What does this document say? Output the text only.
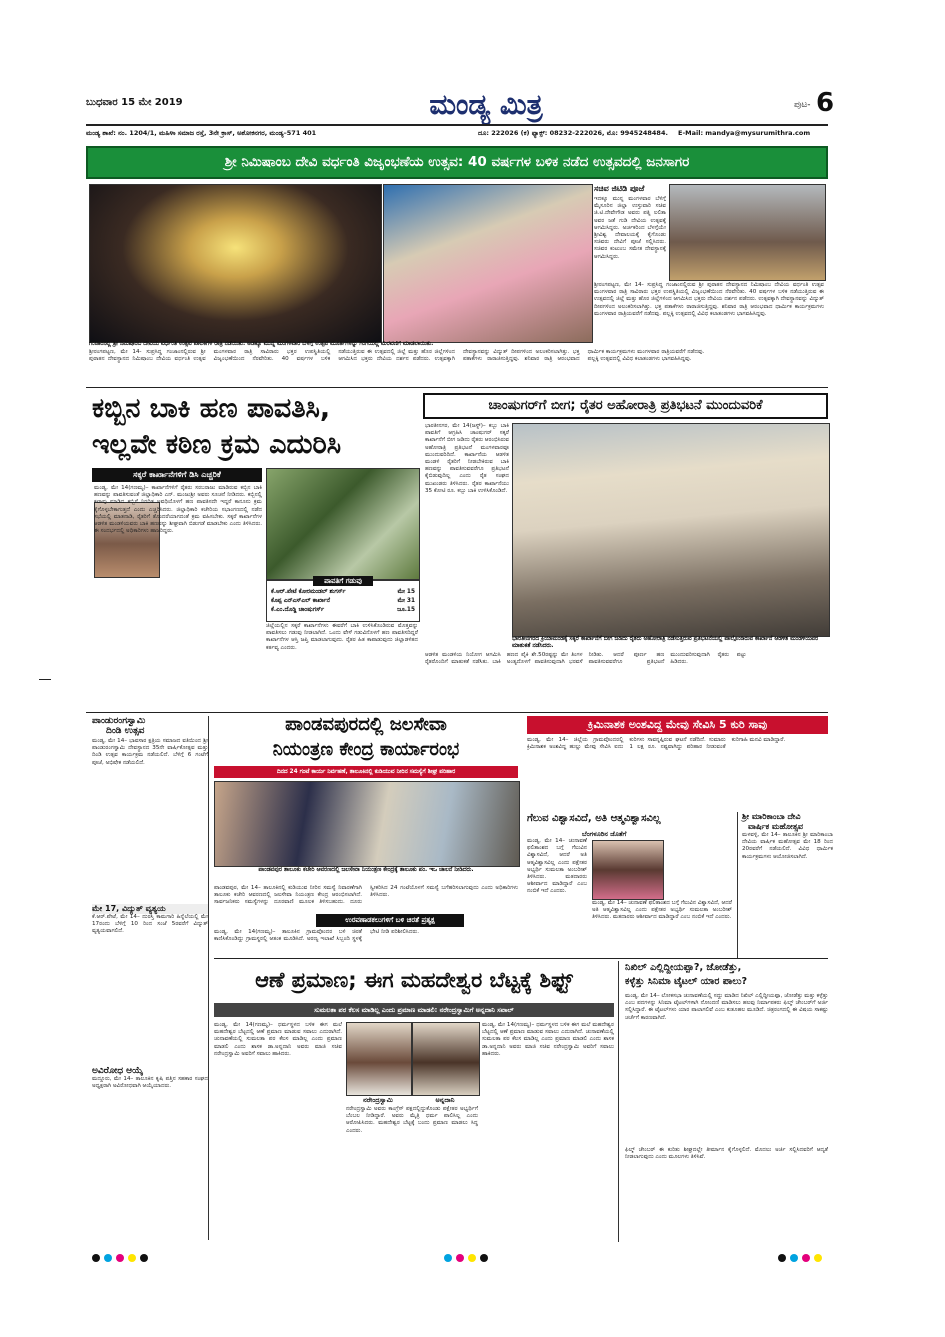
ಬುಧವಾರ 15 ಮೇ 2019	ಮಂಡ್ಯ ಮಿತ್ರ	ಪುಟ- 6
ಮಂಡ್ಯ ಶಾಖೆ: ನಂ. 1204/1, ಮಹಿಳಾ ಸಮಾಜ ರಸ್ತೆ, 3ನೇ ಕ್ರಾಸ್, ಅಶೋಕನಗರ, ಮಂಡ್ಯ–571 401	ದೂ: 222026 (ಕ) ಫ್ಯಾಕ್ಸ್: 08232-222026, ಮೊ: 9945248484. E-Mail: mandya@mysurumithra.com
ಶ್ರೀ ನಿಮಿಷಾಂಬ ದೇವಿ ವರ್ಧಂತಿ ವಿಜೃಂಭಣೆಯ ಉತ್ಸವ: 40 ವರ್ಷಗಳ ಬಳಿಕ ನಡೆದ ಉತ್ಸವದಲ್ಲಿ ಜನಸಾಗರ
ಸಚಿವ ಜಿಟಿಡಿ ಪೂಜೆ
ಇದಕ್ಕೂ ಮುನ್ನ ಮಂಗಳವಾರ ಬೆಳಿಗ್ಗೆ ಮೈಸೂರಿನ ಜಿಲ್ಲಾ ಉಸ್ತುವಾರಿ ಸಚಿವ ಜಿ.ಟಿ.ದೇವೇಗೌಡ ಅವರು ಪತ್ನಿ ಲಲಿತಾ ಅವರ ಜತೆ ಗುಡಿ ದೇವಿಯ ಉತ್ಸವಕ್ಕೆ ಆಗಮಿಸಿದ್ದರು. ಅರ್ಚಕರಿಂದ ಬೆಳಗ್ಗೆಯೇ ಶ್ರೀವಿಶ್ವ ದೇವಾಲಯಕ್ಕೆ ಕೈಗೊಂಡು ಸಚಿವರು ದೇವಿಗೆ ಪೂಜೆ ಸಲ್ಲಿಸಿದರು. ಸಚಿವರ ಕುಟುಂಬ ಸಮೇತ ದೇವಸ್ಥಾನಕ್ಕೆ ಆಗಮಿಸಿದ್ದರು.
ಶ್ರೀರಂಗಪಟ್ಟಣ, ಮೇ 14- ಸುಪ್ರಸಿದ್ಧ ಗಂಜಾಂನಲ್ಲಿರುವ ಶ್ರೀ ಪುರಾತನ ದೇವಸ್ಥಾನದ ನಿಮಿಷಾಂಬ ದೇವಿಯ ವರ್ಧಂತಿ ಉತ್ಸವ ಮಂಗಳವಾರ ರಾತ್ರಿ ಸಾವಿರಾರು ಭಕ್ತರ ಉಪಸ್ಥಿತಿಯಲ್ಲಿ ವಿಜೃಂಭಣೆಯಿಂದ ನೆರವೇರಿತು. 40 ವರ್ಷಗಳ ಬಳಿಕ ನಡೆಯುತ್ತಿರುವ ಈ ಉತ್ಸವದಲ್ಲಿ ಜಿಲ್ಲೆ ಮತ್ತು ಹೊರ ಜಿಲ್ಲೆಗಳಿಂದ ಆಗಮಿಸಿದ ಭಕ್ತರು ದೇವಿಯ ದರ್ಶನ ಪಡೆದರು. ಉತ್ಸವಕ್ಕಾಗಿ ದೇವಸ್ಥಾನವನ್ನು ವಿದ್ಯುತ್ ದೀಪಗಳಿಂದ ಅಲಂಕರಿಸಲಾಗಿತ್ತು. ಭಕ್ತ ಪತಾಕೆಗಳು ರಾರಾಜಿಸುತ್ತಿದ್ದವು. ಶನಿವಾರ ರಾತ್ರಿ ಆರಂಭವಾದ ಧಾರ್ಮಿಕ ಕಾರ್ಯಕ್ರಮಗಳು ಮಂಗಳವಾರ ರಾತ್ರಿಯವರೆಗೆ ನಡೆದವು. ಪಲ್ಲಕ್ಕಿ ಉತ್ಸವದಲ್ಲಿ ವಿವಿಧ ಕಲಾತಂಡಗಳು ಭಾಗವಹಿಸಿದ್ದವು.
ಗಂಜಾಂನಲ್ಲಿ ಶ್ರೀ ನಿಮಿಷಾಂಬ ದೇವಿಯ ವರ್ಧಂತಿ ಉತ್ಸವ ಪಾಲಕಿಗಳ ರಾತ್ರಿ ನಡೆಯಿತು. ಅಡಕ್ಕೂ ಮುನ್ನ ಮಂಗಳವಾರ ಬೆಳಿಗ್ಗೆ ಉತ್ಸವ ಮೂರ್ತಿಗಳನ್ನು ಗಂಗೆಯಲ್ಲಿ ಮೆರವಣಿಗೆ ಮಾಡಲಾಯಿತು.
ಶ್ರೀರಂಗಪಟ್ಟಣ, ಮೇ 14- ಸುಪ್ರಸಿದ್ಧ ಗಂಜಾಂನಲ್ಲಿರುವ ಶ್ರೀ ಪುರಾತನ ದೇವಸ್ಥಾನದ ನಿಮಿಷಾಂಬ ದೇವಿಯ ವರ್ಧಂತಿ ಉತ್ಸವ ಮಂಗಳವಾರ ರಾತ್ರಿ ಸಾವಿರಾರು ಭಕ್ತರ ಉಪಸ್ಥಿತಿಯಲ್ಲಿ ವಿಜೃಂಭಣೆಯಿಂದ ನೆರವೇರಿತು. 40 ವರ್ಷಗಳ ಬಳಿಕ ನಡೆಯುತ್ತಿರುವ ಈ ಉತ್ಸವದಲ್ಲಿ ಜಿಲ್ಲೆ ಮತ್ತು ಹೊರ ಜಿಲ್ಲೆಗಳಿಂದ ಆಗಮಿಸಿದ ಭಕ್ತರು ದೇವಿಯ ದರ್ಶನ ಪಡೆದರು. ಉತ್ಸವಕ್ಕಾಗಿ ದೇವಸ್ಥಾನವನ್ನು ವಿದ್ಯುತ್ ದೀಪಗಳಿಂದ ಅಲಂಕರಿಸಲಾಗಿತ್ತು. ಭಕ್ತ ಪತಾಕೆಗಳು ರಾರಾಜಿಸುತ್ತಿದ್ದವು. ಶನಿವಾರ ರಾತ್ರಿ ಆರಂಭವಾದ ಧಾರ್ಮಿಕ ಕಾರ್ಯಕ್ರಮಗಳು ಮಂಗಳವಾರ ರಾತ್ರಿಯವರೆಗೆ ನಡೆದವು. ಪಲ್ಲಕ್ಕಿ ಉತ್ಸವದಲ್ಲಿ ವಿವಿಧ ಕಲಾತಂಡಗಳು ಭಾಗವಹಿಸಿದ್ದವು.
ಕಬ್ಬಿನ ಬಾಕಿ ಹಣ ಪಾವತಿಸಿ,
ಇಲ್ಲವೇ ಕಠಿಣ ಕ್ರಮ ಎದುರಿಸಿ
ಸಕ್ಕರೆ ಕಾರ್ಖಾನೆಗಳಿಗೆ ಡಿಸಿ ಎಚ್ಚರಿಕೆ
ಮಂಡ್ಯ, ಮೇ 14(ಗಣಮ್ಯ)– ಕಾರ್ಖಾನೆಗಳಿಗೆ ರೈತರು ಸರಬರಾಜು ಮಾಡಿರುವ ಕಬ್ಬಿನ ಬಾಕಿ ಹಣವನ್ನು ಪಾವತಿಸುವಂತೆ ಜಿಲ್ಲಾಧಿಕಾರಿ ಎನ್. ಮಂಜುಶ್ರೀ ಅವರು ಸೂಚನೆ ನೀಡಿದರು. ಕಬ್ಬಿನಲ್ಲಿ ಕಟಾವು ಮಾಡಿದ ಕಬ್ಬಿಗೆ ನಿಗದಿತ ಅವಧಿಯೊಳಗೆ ಹಣ ಪಾವತಿಸದೇ ಇದ್ದರೆ ಕಾನೂನು ಕ್ರಮ ಕೈಗೊಳ್ಳಬೇಕಾಗುತ್ತದೆ ಎಂದು ಎಚ್ಚರಿಸಿದರು. ಜಿಲ್ಲಾಧಿಕಾರಿ ಕಚೇರಿಯ ಸಭಾಂಗಣದಲ್ಲಿ ನಡೆದ ಸಭೆಯಲ್ಲಿ ಮಾತನಾಡಿ, ರೈತರಿಗೆ ತೊಂದರೆಯಾಗದಂತೆ ಕ್ರಮ ವಹಿಸಬೇಕು. ಸಕ್ಕರೆ ಕಾರ್ಖಾನೆಗಳ ಆಡಳಿತ ಮಂಡಳಿಯವರು ಬಾಕಿ ಹಣವನ್ನು ಶೀಘ್ರವಾಗಿ ಬಿಡುಗಡೆ ಮಾಡಬೇಕು ಎಂದು ತಿಳಿಸಿದರು. ಈ ಸಂದರ್ಭದಲ್ಲಿ ಅಧಿಕಾರಿಗಳು ಹಾಜರಿದ್ದರು.
ಪಾವತಿಗೆ ಗಡುವು
ಕೆ.ಆರ್.ಪೇಟೆ ಕೋರಮಂಡಲ್ ಶುಗರ್ಸ್	ಮೇ 15
ಕೊಪ್ಪ ಎನ್‌ಎಸ್‌ಎಲ್ ಕಾರ್ಖಾನೆ	ಮೇ 31
ಕೆ.ಎಂ.ದೊಡ್ಡಿ ಚಾಂಷುಗರ್ಸ್	ಜೂ.15
ಜಿಲ್ಲೆಯಲ್ಲಿನ ಸಕ್ಕರೆ ಕಾರ್ಖಾನೆಗಳು ಈವರೆಗೆ ಬಾಕಿ ಉಳಿಸಿಕೊಂಡಿರುವ ಮೊತ್ತವನ್ನು ಪಾವತಿಸಲು ಗಡುವು ನೀಡಲಾಗಿದೆ. ಒಂದು ವೇಳೆ ಗಡುವಿನೊಳಗೆ ಹಣ ಪಾವತಿಸದಿದ್ದರೆ ಕಾರ್ಖಾನೆಗಳ ಆಸ್ತಿ ಜಪ್ತಿ ಮಾಡಲಾಗುವುದು. ರೈತರ ಹಿತ ಕಾಪಾಡುವುದು ಜಿಲ್ಲಾಡಳಿತದ ಕರ್ತವ್ಯ ಎಂದರು.
ಚಾಂಷುಗರ್‌ಗೆ ಬೀಗ; ರೈತರ ಅಹೋರಾತ್ರಿ ಪ್ರತಿಭಟನೆ ಮುಂದುವರಿಕೆ
ಭಾರತೀನಗರ, ಮೇ 14(ಜಸ್ಟ್)– ಕಬ್ಬು ಬಾಕಿ ಪಾವತಿಗೆ ಆಗ್ರಹಿಸಿ ಚಾಂಷುಗರ್ ಸಕ್ಕರೆ ಕಾರ್ಖಾನೆಗೆ ಬೀಗ ಜಡಿದು ರೈತರು ಆರಂಭಿಸಿರುವ ಅಹೋರಾತ್ರಿ ಪ್ರತಿಭಟನೆ ಮಂಗಳವಾರವೂ ಮುಂದುವರಿದಿದೆ. ಕಾರ್ಖಾನೆಯ ಆಡಳಿತ ಮಂಡಳಿ ರೈತರಿಗೆ ನೀಡಬೇಕಿರುವ ಬಾಕಿ ಹಣವನ್ನು ಪಾವತಿಸುವವರೆಗೂ ಪ್ರತಿಭಟನೆ ಕೈಬಿಡುವುದಿಲ್ಲ ಎಂದು ರೈತ ಸಂಘದ ಮುಖಂಡರು ತಿಳಿಸಿದರು. ರೈತರ ಕಾರ್ಖಾನೆಯು 35 ಕೋಟಿ ರೂ. ಕಬ್ಬು ಬಾಕಿ ಉಳಿಸಿಕೊಂಡಿದೆ.
ಭಾರತೀನಗರದ ಕ್ರಿಯಾಮಂಡಕ್ಕೆ ಸಕ್ಕರೆ ಕಾರ್ಖಾನೆಗೆ ಬೀಗ ಜಡಿದು ರೈತರು ಅಹೋರಾತ್ರಿ ನಡೆಸುತ್ತಿರುವ ಪ್ರತಿಭಟನೆಯಲ್ಲಿ ಪಾಲ್ಗೊಂಡಿರುವ ಕಾರ್ಖಾನೆ ಆಡಳಿತ ಮಂಡಳಿಯವರ ಮಾತುಕತೆ ನಡೆಸಿದರು.
ಆಡಳಿತ ಮಂಡಳಿಯ ನಿಯೋಗ ಆಗಮಿಸಿ ರೈತರೊಂದಿಗೆ ಮಾತುಕತೆ ನಡೆಸಿತು. ಬಾಕಿ ಹಣದ ಪೈಕಿ ಶೇ.50ರಷ್ಟನ್ನು ಮೇ ತಿಂಗಳ ಅಂತ್ಯದೊಳಗೆ ಪಾವತಿಸುವುದಾಗಿ ಭರವಸೆ ನೀಡಿತು. ಆದರೆ ಪೂರ್ಣ ಹಣ ಪಾವತಿಸುವವರೆಗೂ ಪ್ರತಿಭಟನೆ ಮುಂದುವರಿಸುವುದಾಗಿ ರೈತರು ಪಟ್ಟು ಹಿಡಿದರು.
ಪಾಂಡುರಂಗಸ್ವಾಮಿ
ದಿಂಡಿ ಉತ್ಸವ
ಮಂಡ್ಯ, ಮೇ 14– ಭಾವಸಾರ ಕ್ಷತ್ರಿಯ ಸಮಾಜದ ವತಿಯಿಂದ ಶ್ರೀ ಪಾಂಡುರಂಗಸ್ವಾಮಿ ದೇವಸ್ಥಾನದ 35ನೇ ವಾರ್ಷಿಕೋತ್ಸವ ಮತ್ತು ದಿಂಡಿ ಉತ್ಸವ ಕಾರ್ಯಕ್ರಮ ನಡೆಯಲಿದೆ. ಬೆಳಿಗ್ಗೆ 6 ಗಂಟೆಗೆ ಪೂಜೆ, ಅಭಿಷೇಕ ನಡೆಯಲಿದೆ.
ಮೇ 17, ವಿದ್ಯುತ್ ವ್ಯತ್ಯಯ
ಕೆ.ಆರ್.ಪೇಟೆ, ಮೇ 14– ದುರಸ್ತಿ ಕಾಮಗಾರಿ ಹಿನ್ನೆಲೆಯಲ್ಲಿ ಮೇ 17ರಂದು ಬೆಳಿಗ್ಗೆ 10 ರಿಂದ ಸಂಜೆ 5ರವರೆಗೆ ವಿದ್ಯುತ್ ವ್ಯತ್ಯಯವಾಗಲಿದೆ.
ಅವಿರೋಧ ಆಯ್ಕೆ
ಮದ್ದೂರು, ಮೇ 14– ತಾಲೂಕಿನ ಕೃಷಿ ಪತ್ತಿನ ಸಹಕಾರ ಸಂಘದ ಅಧ್ಯಕ್ಷರಾಗಿ ಅವಿರೋಧವಾಗಿ ಆಯ್ಕೆಯಾದರು.
ಪಾಂಡವಪುರದಲ್ಲಿ ಜಲಸೇವಾ
ನಿಯಂತ್ರಣ ಕೇಂದ್ರ ಕಾರ್ಯಾರಂಭ
ದಿನದ 24 ಗಂಟೆ ಕಾರ್ಯ ನಿರ್ವಹಣೆ, ತಾಲೂಕಿನಲ್ಲಿ ಕುಡಿಯುವ ನೀರಿನ ಸಮಸ್ಯೆಗೆ ಶೀಘ್ರ ಪರಿಹಾರ
ಪಾಂಡವಪುರ ತಾಲೂಕು ಕಚೇರಿ ಆವರಣದಲ್ಲಿ ಜಲಸೇವಾ ನಿಯಂತ್ರಣ ಕೇಂದ್ರಕ್ಕೆ ತಾಲೂಕು ಪಂ. ಇಒ ಚಾಲನೆ ನೀಡಿದರು.
ಪಾಂಡವಪುರ, ಮೇ 14– ತಾಲೂಕಿನಲ್ಲಿ ಕುಡಿಯುವ ನೀರಿನ ಸಮಸ್ಯೆ ನಿವಾರಣೆಗಾಗಿ ತಾಲೂಕು ಕಚೇರಿ ಆವರಣದಲ್ಲಿ ಜಲಸೇವಾ ನಿಯಂತ್ರಣ ಕೇಂದ್ರ ಆರಂಭಿಸಲಾಗಿದೆ. ಸಾರ್ವಜನಿಕರು ಸಮಸ್ಯೆಗಳನ್ನು ದೂರವಾಣಿ ಮೂಲಕ ತಿಳಿಸಬಹುದು. ದೂರು ಸ್ವೀಕರಿಸಿದ 24 ಗಂಟೆಯೊಳಗೆ ಸಮಸ್ಯೆ ಬಗೆಹರಿಸಲಾಗುವುದು ಎಂದು ಅಧಿಕಾರಿಗಳು ತಿಳಿಸಿದರು.
ಉರವಣಾಡಕಲುಗಳಿಗೆ ಬಳಿ ಚಿರತೆ ಪ್ರತ್ಯಕ್ಷ
ಮಂಡ್ಯ, ಮೇ 14(ಗಣಮ್ಯ)– ತಾಲೂಕಿನ ಗ್ರಾಮವೊಂದರ ಬಳಿ ಚಿರತೆ ಕಾಣಿಸಿಕೊಂಡಿದ್ದು ಗ್ರಾಮಸ್ಥರಲ್ಲಿ ಆತಂಕ ಮೂಡಿಸಿದೆ. ಅರಣ್ಯ ಇಲಾಖೆ ಸಿಬ್ಬಂದಿ ಸ್ಥಳಕ್ಕೆ ಭೇಟಿ ನೀಡಿ ಪರಿಶೀಲಿಸಿದರು.
ಕ್ರಿಮಿನಾಶಕ ಅಂಶವಿದ್ದ ಮೇವು ಸೇವಿಸಿ 5 ಕುರಿ ಸಾವು
ಮಂಡ್ಯ, ಮೇ 14– ಜಿಲ್ಲೆಯ ಗ್ರಾಮವೊಂದರಲ್ಲಿ ಕ್ರಿಮಿನಾಶಕ ಅಂಶವಿದ್ದ ಹುಲ್ಲು ಮೇವು ಸೇವಿಸಿ ಐದು ಕುರಿಗಳು ಸಾವನ್ನಪ್ಪಿರುವ ಘಟನೆ ನಡೆದಿದೆ. ಸುಮಾರು 1 ಲಕ್ಷ ರೂ. ನಷ್ಟವಾಗಿದ್ದು ಪರಿಹಾರ ನೀಡುವಂತೆ ಕುರಿಗಾಹಿ ಮನವಿ ಮಾಡಿದ್ದಾರೆ.
ಗೆಲುವ ವಿಶ್ವಾಸವಿದೆ, ಅತಿ ಆತ್ಮವಿಶ್ವಾಸವಿಲ್ಲ
ಬೆಂಗಳೂರಿನ ಜೊತೆಗೆ
ಮಂಡ್ಯ, ಮೇ 14– ಚುನಾವಣೆ ಫಲಿತಾಂಶದ ಬಗ್ಗೆ ಗೆಲುವಿನ ವಿಶ್ವಾಸವಿದೆ, ಆದರೆ ಅತಿ ಆತ್ಮವಿಶ್ವಾಸವಿಲ್ಲ ಎಂದು ಪಕ್ಷೇತರ ಅಭ್ಯರ್ಥಿ ಸುಮಲತಾ ಅಂಬರೀಶ್ ತಿಳಿಸಿದರು. ಮತದಾರರು ಆಶೀರ್ವಾದ ಮಾಡಿದ್ದಾರೆ ಎಂಬ ನಂಬಿಕೆ ಇದೆ ಎಂದರು.
ಮಂಡ್ಯ, ಮೇ 14– ಚುನಾವಣೆ ಫಲಿತಾಂಶದ ಬಗ್ಗೆ ಗೆಲುವಿನ ವಿಶ್ವಾಸವಿದೆ, ಆದರೆ ಅತಿ ಆತ್ಮವಿಶ್ವಾಸವಿಲ್ಲ ಎಂದು ಪಕ್ಷೇತರ ಅಭ್ಯರ್ಥಿ ಸುಮಲತಾ ಅಂಬರೀಶ್ ತಿಳಿಸಿದರು. ಮತದಾರರು ಆಶೀರ್ವಾದ ಮಾಡಿದ್ದಾರೆ ಎಂಬ ನಂಬಿಕೆ ಇದೆ ಎಂದರು.
ಶ್ರೀ ಮಾರಿಕಾಂಬಾ ದೇವಿ
ವಾರ್ಷಿಕ ಮಹೋತ್ಸವ
ಮಳವಳ್ಳಿ, ಮೇ 14– ತಾಲೂಕಿನ ಶ್ರೀ ಮಾರಿಕಾಂಬಾ ದೇವಿಯ ವಾರ್ಷಿಕ ಮಹೋತ್ಸವ ಮೇ 18 ರಿಂದ 20ರವರೆಗೆ ನಡೆಯಲಿದೆ. ವಿವಿಧ ಧಾರ್ಮಿಕ ಕಾರ್ಯಕ್ರಮಗಳು ಆಯೋಜಿಸಲಾಗಿದೆ.
ಆಣೆ ಪ್ರಮಾಣ; ಈಗ ಮಹದೇಶ್ವರ ಬೆಟ್ಟಕ್ಕೆ ಶಿಫ್ಟ್
ಸುಮಲತಾ ಪರ ಕೆಲಸ ಮಾಡಿಲ್ಲ ಎಂದು ಪ್ರಮಾಣ ಮಾಡಲಿ: ನರೇಂದ್ರಸ್ವಾಮಿಗೆ ಅನ್ನದಾನಿ ಸವಾಲ್
ಮಂಡ್ಯ, ಮೇ 14(ಗಣಮ್ಯ)– ಧರ್ಮಸ್ಥಳದ ಬಳಿಕ ಈಗ ಮಲೆ ಮಹದೇಶ್ವರ ಬೆಟ್ಟದಲ್ಲಿ ಆಣೆ ಪ್ರಮಾಣ ಮಾಡುವ ಸವಾಲು ಎದುರಾಗಿದೆ. ಚುನಾವಣೆಯಲ್ಲಿ ಸುಮಲತಾ ಪರ ಕೆಲಸ ಮಾಡಿಲ್ಲ ಎಂದು ಪ್ರಮಾಣ ಮಾಡಲಿ ಎಂದು ಶಾಸಕ ಡಾ.ಅನ್ನದಾನಿ ಅವರು ಮಾಜಿ ಸಚಿವ ನರೇಂದ್ರಸ್ವಾಮಿ ಅವರಿಗೆ ಸವಾಲು ಹಾಕಿದರು.
ನರೇಂದ್ರಸ್ವಾಮಿ	ಅನ್ನದಾನಿ
ನರೇಂದ್ರಸ್ವಾಮಿ ಅವರು ಕಾಂಗ್ರೆಸ್ ಪಕ್ಷದಲ್ಲಿದ್ದುಕೊಂಡು ಪಕ್ಷೇತರ ಅಭ್ಯರ್ಥಿಗೆ ಬೆಂಬಲ ನೀಡಿದ್ದಾರೆ. ಅವರು ಮೈತ್ರಿ ಧರ್ಮ ಪಾಲಿಸಿಲ್ಲ ಎಂದು ಆರೋಪಿಸಿದರು. ಮಹದೇಶ್ವರ ಬೆಟ್ಟಕ್ಕೆ ಬಂದು ಪ್ರಮಾಣ ಮಾಡಲು ಸಿದ್ಧ ಎಂದರು.
ಮಂಡ್ಯ, ಮೇ 14(ಗಣಮ್ಯ)– ಧರ್ಮಸ್ಥಳದ ಬಳಿಕ ಈಗ ಮಲೆ ಮಹದೇಶ್ವರ ಬೆಟ್ಟದಲ್ಲಿ ಆಣೆ ಪ್ರಮಾಣ ಮಾಡುವ ಸವಾಲು ಎದುರಾಗಿದೆ. ಚುನಾವಣೆಯಲ್ಲಿ ಸುಮಲತಾ ಪರ ಕೆಲಸ ಮಾಡಿಲ್ಲ ಎಂದು ಪ್ರಮಾಣ ಮಾಡಲಿ ಎಂದು ಶಾಸಕ ಡಾ.ಅನ್ನದಾನಿ ಅವರು ಮಾಜಿ ಸಚಿವ ನರೇಂದ್ರಸ್ವಾಮಿ ಅವರಿಗೆ ಸವಾಲು ಹಾಕಿದರು.
ನಿಖಿಲ್ ಎಲ್ಲಿದ್ದೀಯಪ್ಪಾ?, ಜೋಡೆತ್ತು,
ಕಳ್ಳೆತ್ತು ಸಿನಿಮಾ ಟೈಟಲ್ ಯಾರ ಪಾಲು?
ಮಂಡ್ಯ, ಮೇ 14– ಲೋಕಸಭಾ ಚುನಾವಣೆಯಲ್ಲಿ ಸದ್ದು ಮಾಡಿದ ನಿಖಿಲ್ ಎಲ್ಲಿದ್ದೀಯಪ್ಪಾ, ಜೋಡೆತ್ತು ಮತ್ತು ಕಳ್ಳೆತ್ತು ಎಂಬ ಪದಗಳನ್ನು ಸಿನಿಮಾ ಟೈಟಲ್‌ಗಳಾಗಿ ನೋಂದಣಿ ಮಾಡಿಸಲು ಹಲವು ನಿರ್ಮಾಪಕರು ಫಿಲ್ಮ್ ಚೇಂಬರ್‌ಗೆ ಅರ್ಜಿ ಸಲ್ಲಿಸಿದ್ದಾರೆ. ಈ ಟೈಟಲ್‌ಗಳು ಯಾರ ಪಾಲಾಗಲಿವೆ ಎಂಬ ಕುತೂಹಲ ಮೂಡಿದೆ. ಚಿತ್ರರಂಗದಲ್ಲಿ ಈ ವಿಷಯ ಸಾಕಷ್ಟು ಚರ್ಚೆಗೆ ಕಾರಣವಾಗಿದೆ.
ಫಿಲ್ಮ್ ಚೇಂಬರ್ ಈ ಕುರಿತು ಶೀಘ್ರದಲ್ಲೇ ತೀರ್ಮಾನ ಕೈಗೊಳ್ಳಲಿದೆ. ಮೊದಲು ಅರ್ಜಿ ಸಲ್ಲಿಸಿದವರಿಗೆ ಆದ್ಯತೆ ನೀಡಲಾಗುವುದು ಎಂದು ಮೂಲಗಳು ತಿಳಿಸಿವೆ.
